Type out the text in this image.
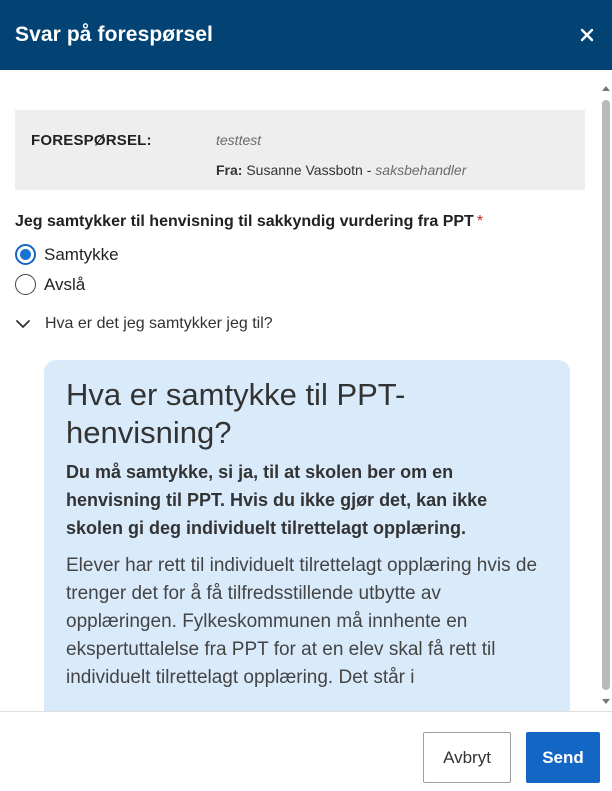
Svar på forespørsel
FORESPØRSEL:	testtest
Fra: Susanne Vassbotn - saksbehandler
Jeg samtykker til henvisning til sakkyndig vurdering fra PPT *
Samtykke
Avslå
Hva er det jeg samtykker jeg til?
Hva er samtykke til PPT-henvisning?
Du må samtykke, si ja, til at skolen ber om en henvisning til PPT. Hvis du ikke gjør det, kan ikke skolen gi deg individuelt tilrettelagt opplæring.
Elever har rett til individuelt tilrettelagt opplæring hvis de trenger det for å få tilfredsstillende utbytte av opplæringen. Fylkeskommunen må innhente en ekspertuttalelse fra PPT for at en elev skal få rett til individuelt tilrettelagt opplæring. Det står i
Avbryt	Send
